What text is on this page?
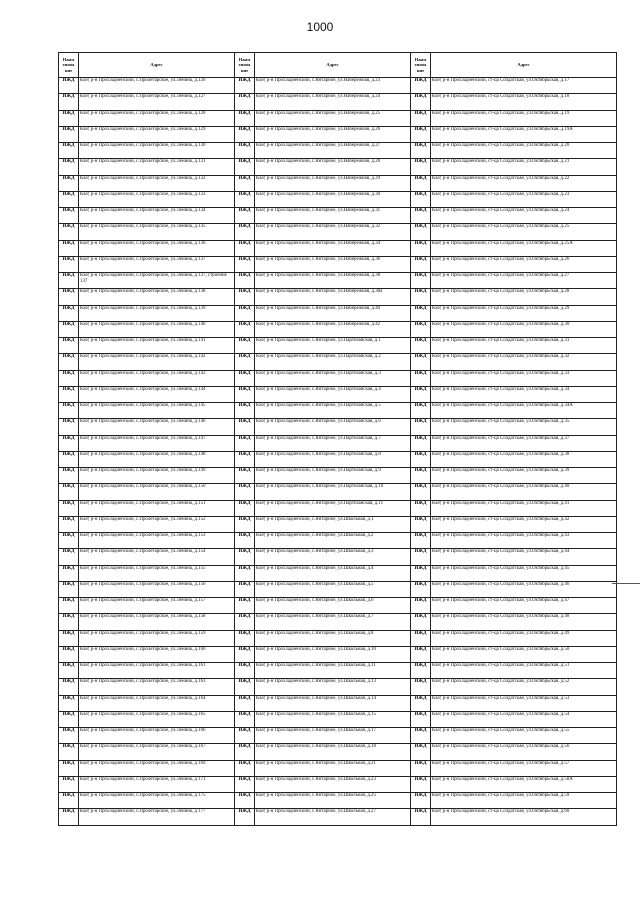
1000
Наим енова ние	Адрес	Наим енова ние	Адрес	Наим енова ние	Адрес
ИЖД	КБР, р-н Прохладненский, с.Пролетарское, ул.Ленина, д.126	ИЖД	КБР, р-н Прохладненский, с.Янтарное, ул.Набережная, д.23	ИЖД	КБР, р-н Прохладненский, ст-ца Солдатская, ул.Октябрьская, д.17
ИЖД	КБР, р-н Прохладненский, с.Пролетарское, ул.Ленина, д.127	ИЖД	КБР, р-н Прохладненский, с.Янтарное, ул.Набережная, д.24	ИЖД	КБР, р-н Прохладненский, ст-ца Солдатская, ул.Октябрьская, д.18
ИЖД	КБР, р-н Прохладненский, с.Пролетарское, ул.Ленина, д.128	ИЖД	КБР, р-н Прохладненский, с.Янтарное, ул.Набережная, д.25	ИЖД	КБР, р-н Прохладненский, ст-ца Солдатская, ул.Октябрьская, д.19
ИЖД	КБР, р-н Прохладненский, с.Пролетарское, ул.Ленина, д.129	ИЖД	КБР, р-н Прохладненский, с.Янтарное, ул.Набережная, д.26	ИЖД	КБР, р-н Прохладненский, ст-ца Солдатская, ул.Октябрьская, д.19А
ИЖД	КБР, р-н Прохладненский, с.Пролетарское, ул.Ленина, д.130	ИЖД	КБР, р-н Прохладненский, с.Янтарное, ул.Набережная, д.27	ИЖД	КБР, р-н Прохладненский, ст-ца Солдатская, ул.Октябрьская, д.20
ИЖД	КБР, р-н Прохладненский, с.Пролетарское, ул.Ленина, д.131	ИЖД	КБР, р-н Прохладненский, с.Янтарное, ул.Набережная, д.28	ИЖД	КБР, р-н Прохладненский, ст-ца Солдатская, ул.Октябрьская, д.21
ИЖД	КБР, р-н Прохладненский, с.Пролетарское, ул.Ленина, д.132	ИЖД	КБР, р-н Прохладненский, с.Янтарное, ул.Набережная, д.29	ИЖД	КБР, р-н Прохладненский, ст-ца Солдатская, ул.Октябрьская, д.22
ИЖД	КБР, р-н Прохладненский, с.Пролетарское, ул.Ленина, д.133	ИЖД	КБР, р-н Прохладненский, с.Янтарное, ул.Набережная, д.30	ИЖД	КБР, р-н Прохладненский, ст-ца Солдатская, ул.Октябрьская, д.23
ИЖД	КБР, р-н Прохладненский, с.Пролетарское, ул.Ленина, д.134	ИЖД	КБР, р-н Прохладненский, с.Янтарное, ул.Набережная, д.31	ИЖД	КБР, р-н Прохладненский, ст-ца Солдатская, ул.Октябрьская, д.24
ИЖД	КБР, р-н Прохладненский, с.Пролетарское, ул.Ленина, д.135	ИЖД	КБР, р-н Прохладненский, с.Янтарное, ул.Набережная, д.32	ИЖД	КБР, р-н Прохладненский, ст-ца Солдатская, ул.Октябрьская, д.25
ИЖД	КБР, р-н Прохладненский, с.Пролетарское, ул.Ленина, д.136	ИЖД	КБР, р-н Прохладненский, с.Янтарное, ул.Набережная, д.34	ИЖД	КБР, р-н Прохладненский, ст-ца Солдатская, ул.Октябрьская, д.25А
ИЖД	КБР, р-н Прохладненский, с.Пролетарское, ул.Ленина, д.137	ИЖД	КБР, р-н Прохладненский, с.Янтарное, ул.Набережная, д.36	ИЖД	КБР, р-н Прохладненский, ст-ца Солдатская, ул.Октябрьская, д.26
ИЖД	КБР, р-н Прохладненский, с.Пролетарское, ул.Ленина, д.137, строение 137	ИЖД	КБР, р-н Прохладненский, с.Янтарное, ул.Набережная, д.38	ИЖД	КБР, р-н Прохладненский, ст-ца Солдатская, ул.Октябрьская, д.27
ИЖД	КБР, р-н Прохладненский, с.Пролетарское, ул.Ленина, д.138	ИЖД	КБР, р-н Прохладненский, с.Янтарное, ул.Набережная, д.38а	ИЖД	КБР, р-н Прохладненский, ст-ца Солдатская, ул.Октябрьская, д.28
ИЖД	КБР, р-н Прохладненский, с.Пролетарское, ул.Ленина, д.139	ИЖД	КБР, р-н Прохладненский, с.Янтарное, ул.Набережная, д.40	ИЖД	КБР, р-н Прохладненский, ст-ца Солдатская, ул.Октябрьская, д.29
ИЖД	КБР, р-н Прохладненский, с.Пролетарское, ул.Ленина, д.140	ИЖД	КБР, р-н Прохладненский, с.Янтарное, ул.Набережная, д.42	ИЖД	КБР, р-н Прохладненский, ст-ца Солдатская, ул.Октябрьская, д.30
ИЖД	КБР, р-н Прохладненский, с.Пролетарское, ул.Ленина, д.141	ИЖД	КБР, р-н Прохладненский, с.Янтарное, ул.Партизанская, д.1	ИЖД	КБР, р-н Прохладненский, ст-ца Солдатская, ул.Октябрьская, д.31
ИЖД	КБР, р-н Прохладненский, с.Пролетарское, ул.Ленина, д.142	ИЖД	КБР, р-н Прохладненский, с.Янтарное, ул.Партизанская, д.2	ИЖД	КБР, р-н Прохладненский, ст-ца Солдатская, ул.Октябрьская, д.32
ИЖД	КБР, р-н Прохладненский, с.Пролетарское, ул.Ленина, д.143	ИЖД	КБР, р-н Прохладненский, с.Янтарное, ул.Партизанская, д.3	ИЖД	КБР, р-н Прохладненский, ст-ца Солдатская, ул.Октябрьская, д.33
ИЖД	КБР, р-н Прохладненский, с.Пролетарское, ул.Ленина, д.144	ИЖД	КБР, р-н Прохладненский, с.Янтарное, ул.Партизанская, д.4	ИЖД	КБР, р-н Прохладненский, ст-ца Солдатская, ул.Октябрьская, д.34
ИЖД	КБР, р-н Прохладненский, с.Пролетарское, ул.Ленина, д.145	ИЖД	КБР, р-н Прохладненский, с.Янтарное, ул.Партизанская, д.5	ИЖД	КБР, р-н Прохладненский, ст-ца Солдатская, ул.Октябрьская, д.34А
ИЖД	КБР, р-н Прохладненский, с.Пролетарское, ул.Ленина, д.146	ИЖД	КБР, р-н Прохладненский, с.Янтарное, ул.Партизанская, д.6	ИЖД	КБР, р-н Прохладненский, ст-ца Солдатская, ул.Октябрьская, д.35
ИЖД	КБР, р-н Прохладненский, с.Пролетарское, ул.Ленина, д.147	ИЖД	КБР, р-н Прохладненский, с.Янтарное, ул.Партизанская, д.7	ИЖД	КБР, р-н Прохладненский, ст-ца Солдатская, ул.Октябрьская, д.37
ИЖД	КБР, р-н Прохладненский, с.Пролетарское, ул.Ленина, д.148	ИЖД	КБР, р-н Прохладненский, с.Янтарное, ул.Партизанская, д.8	ИЖД	КБР, р-н Прохладненский, ст-ца Солдатская, ул.Октябрьская, д.38
ИЖД	КБР, р-н Прохладненский, с.Пролетарское, ул.Ленина, д.149	ИЖД	КБР, р-н Прохладненский, с.Янтарное, ул.Партизанская, д.9	ИЖД	КБР, р-н Прохладненский, ст-ца Солдатская, ул.Октябрьская, д.39
ИЖД	КБР, р-н Прохладненский, с.Пролетарское, ул.Ленина, д.150	ИЖД	КБР, р-н Прохладненский, с.Янтарное, ул.Партизанская, д.10	ИЖД	КБР, р-н Прохладненский, ст-ца Солдатская, ул.Октябрьская, д.40
ИЖД	КБР, р-н Прохладненский, с.Пролетарское, ул.Ленина, д.151	ИЖД	КБР, р-н Прохладненский, с.Янтарное, ул.Партизанская, д.11	ИЖД	КБР, р-н Прохладненский, ст-ца Солдатская, ул.Октябрьская, д.41
ИЖД	КБР, р-н Прохладненский, с.Пролетарское, ул.Ленина, д.152	ИЖД	КБР, р-н Прохладненский, с.Янтарное, ул.Школьная, д.1	ИЖД	КБР, р-н Прохладненский, ст-ца Солдатская, ул.Октябрьская, д.42
ИЖД	КБР, р-н Прохладненский, с.Пролетарское, ул.Ленина, д.153	ИЖД	КБР, р-н Прохладненский, с.Янтарное, ул.Школьная, д.2	ИЖД	КБР, р-н Прохладненский, ст-ца Солдатская, ул.Октябрьская, д.43
ИЖД	КБР, р-н Прохладненский, с.Пролетарское, ул.Ленина, д.154	ИЖД	КБР, р-н Прохладненский, с.Янтарное, ул.Школьная, д.3	ИЖД	КБР, р-н Прохладненский, ст-ца Солдатская, ул.Октябрьская, д.44
ИЖД	КБР, р-н Прохладненский, с.Пролетарское, ул.Ленина, д.155	ИЖД	КБР, р-н Прохладненский, с.Янтарное, ул.Школьная, д.4	ИЖД	КБР, р-н Прохладненский, ст-ца Солдатская, ул.Октябрьская, д.45
ИЖД	КБР, р-н Прохладненский, с.Пролетарское, ул.Ленина, д.156	ИЖД	КБР, р-н Прохладненский, с.Янтарное, ул.Школьная, д.5	ИЖД	КБР, р-н Прохладненский, ст-ца Солдатская, ул.Октябрьская, д.46
ИЖД	КБР, р-н Прохладненский, с.Пролетарское, ул.Ленина, д.157	ИЖД	КБР, р-н Прохладненский, с.Янтарное, ул.Школьная, д.6	ИЖД	КБР, р-н Прохладненский, ст-ца Солдатская, ул.Октябрьская, д.47
ИЖД	КБР, р-н Прохладненский, с.Пролетарское, ул.Ленина, д.158	ИЖД	КБР, р-н Прохладненский, с.Янтарное, ул.Школьная, д.7	ИЖД	КБР, р-н Прохладненский, ст-ца Солдатская, ул.Октябрьская, д.48
ИЖД	КБР, р-н Прохладненский, с.Пролетарское, ул.Ленина, д.159	ИЖД	КБР, р-н Прохладненский, с.Янтарное, ул.Школьная, д.8	ИЖД	КБР, р-н Прохладненский, ст-ца Солдатская, ул.Октябрьская, д.49
ИЖД	КБР, р-н Прохладненский, с.Пролетарское, ул.Ленина, д.160	ИЖД	КБР, р-н Прохладненский, с.Янтарное, ул.Школьная, д.10	ИЖД	КБР, р-н Прохладненский, ст-ца Солдатская, ул.Октябрьская, д.50
ИЖД	КБР, р-н Прохладненский, с.Пролетарское, ул.Ленина, д.161	ИЖД	КБР, р-н Прохладненский, с.Янтарное, ул.Школьная, д.11	ИЖД	КБР, р-н Прохладненский, ст-ца Солдатская, ул.Октябрьская, д.51
ИЖД	КБР, р-н Прохладненский, с.Пролетарское, ул.Ленина, д.163	ИЖД	КБР, р-н Прохладненский, с.Янтарное, ул.Школьная, д.13	ИЖД	КБР, р-н Прохладненский, ст-ца Солдатская, ул.Октябрьская, д.52
ИЖД	КБР, р-н Прохладненский, с.Пролетарское, ул.Ленина, д.164	ИЖД	КБР, р-н Прохладненский, с.Янтарное, ул.Школьная, д.14	ИЖД	КБР, р-н Прохладненский, ст-ца Солдатская, ул.Октябрьская, д.53
ИЖД	КБР, р-н Прохладненский, с.Пролетарское, ул.Ленина, д.165	ИЖД	КБР, р-н Прохладненский, с.Янтарное, ул.Школьная, д.15	ИЖД	КБР, р-н Прохладненский, ст-ца Солдатская, ул.Октябрьская, д.54
ИЖД	КБР, р-н Прохладненский, с.Пролетарское, ул.Ленина, д.166	ИЖД	КБР, р-н Прохладненский, с.Янтарное, ул.Школьная, д.17	ИЖД	КБР, р-н Прохладненский, ст-ца Солдатская, ул.Октябрьская, д.55
ИЖД	КБР, р-н Прохладненский, с.Пролетарское, ул.Ленина, д.167	ИЖД	КБР, р-н Прохладненский, с.Янтарное, ул.Школьная, д.18	ИЖД	КБР, р-н Прохладненский, ст-ца Солдатская, ул.Октябрьская, д.56
ИЖД	КБР, р-н Прохладненский, с.Пролетарское, ул.Ленина, д.169	ИЖД	КБР, р-н Прохладненский, с.Янтарное, ул.Школьная, д.21	ИЖД	КБР, р-н Прохладненский, ст-ца Солдатская, ул.Октябрьская, д.57
ИЖД	КБР, р-н Прохладненский, с.Пролетарское, ул.Ленина, д.171	ИЖД	КБР, р-н Прохладненский, с.Янтарное, ул.Школьная, д.23	ИЖД	КБР, р-н Прохладненский, ст-ца Солдатская, ул.Октябрьская, д.58А
ИЖД	КБР, р-н Прохладненский, с.Пролетарское, ул.Ленина, д.175	ИЖД	КБР, р-н Прохладненский, с.Янтарное, ул.Школьная, д.25	ИЖД	КБР, р-н Прохладненский, ст-ца Солдатская, ул.Октябрьская, д.59
ИЖД	КБР, р-н Прохладненский, с.Пролетарское, ул.Ленина, д.177	ИЖД	КБР, р-н Прохладненский, с.Янтарное, ул.Школьная, д.27	ИЖД	КБР, р-н Прохладненский, ст-ца Солдатская, ул.Октябрьская, д.60
